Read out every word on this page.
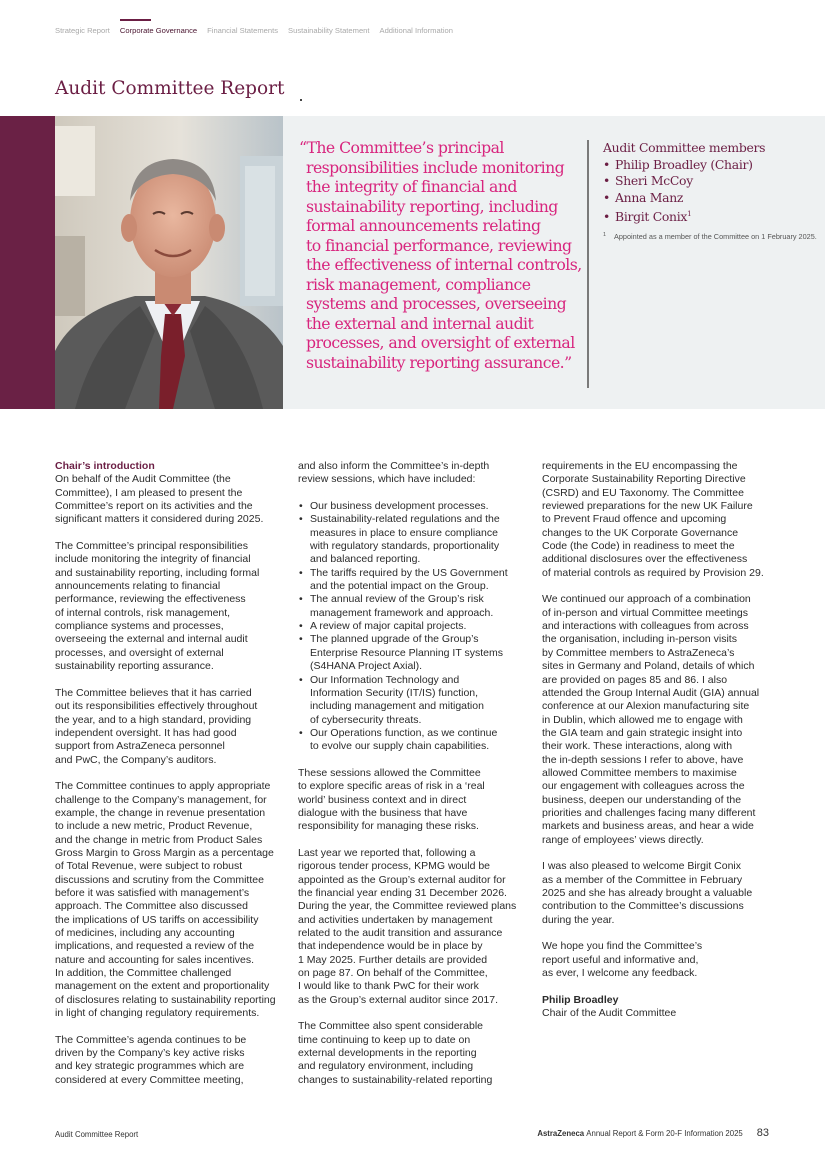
Strategic Report Corporate Governance Financial Statements Sustainability Statement Additional Information
Audit Committee Report
“The Committee’s principal
responsibilities include monitoring
the integrity of financial and
sustainability reporting, including
formal announcements relating
to financial performance, reviewing
the effectiveness of internal controls,
risk management, compliance
systems and processes, overseeing
the external and internal audit
processes, and oversight of external
sustainability reporting assurance.”
Audit Committee members
• Philip Broadley (Chair)
• Sheri McCoy
• Anna Manz
• Birgit Conix$^1$
1 Appointed as a member of the Committee on 1 February 2025.
Chair’s introduction

On behalf of the Audit Committee (the
Committee), I am pleased to present the
Committee’s report on its activities and the
significant matters it considered during 2025.

The Committee’s principal responsibilities
include monitoring the integrity of financial
and sustainability reporting, including formal
announcements relating to financial
performance, reviewing the effectiveness
of internal controls, risk management,
compliance systems and processes,
overseeing the external and internal audit
processes, and oversight of external
sustainability reporting assurance.

The Committee believes that it has carried
out its responsibilities effectively throughout
the year, and to a high standard, providing
independent oversight. It has had good
support from AstraZeneca personnel
and PwC, the Company’s auditors.

The Committee continues to apply appropriate
challenge to the Company’s management, for
example, the change in revenue presentation
to include a new metric, Product Revenue,
and the change in metric from Product Sales
Gross Margin to Gross Margin as a percentage
of Total Revenue, were subject to robust
discussions and scrutiny from the Committee
before it was satisfied with management’s
approach. The Committee also discussed
the implications of US tariffs on accessibility
of medicines, including any accounting
implications, and requested a review of the
nature and accounting for sales incentives.
In addition, the Committee challenged
management on the extent and proportionality
of disclosures relating to sustainability reporting
in light of changing regulatory requirements.

The Committee’s agenda continues to be
driven by the Company’s key active risks
and key strategic programmes which are
considered at every Committee meeting,

and also inform the Committee’s in-depth
review sessions, which have included:

• Our business development processes.
• Sustainability-related regulations and the
measures in place to ensure compliance
with regulatory standards, proportionality
and balanced reporting.
• The tariffs required by the US Government
and the potential impact on the Group.
• The annual review of the Group’s risk
management framework and approach.
• A review of major capital projects.
• The planned upgrade of the Group’s
Enterprise Resource Planning IT systems
(S4HANA Project Axial).
• Our Information Technology and
Information Security (IT/IS) function,
including management and mitigation
of cybersecurity threats.
• Our Operations function, as we continue
to evolve our supply chain capabilities.

These sessions allowed the Committee
to explore specific areas of risk in a ‘real
world’ business context and in direct
dialogue with the business that have
responsibility for managing these risks.

Last year we reported that, following a
rigorous tender process, KPMG would be
appointed as the Group’s external auditor for
the financial year ending 31 December 2026.
During the year, the Committee reviewed plans
and activities undertaken by management
related to the audit transition and assurance
that independence would be in place by
1 May 2025. Further details are provided
on page 87. On behalf of the Committee,
I would like to thank PwC for their work
as the Group’s external auditor since 2017.

The Committee also spent considerable
time continuing to keep up to date on
external developments in the reporting
and regulatory environment, including
changes to sustainability-related reporting

requirements in the EU encompassing the
Corporate Sustainability Reporting Directive
(CSRD) and EU Taxonomy. The Committee
reviewed preparations for the new UK Failure
to Prevent Fraud offence and upcoming
changes to the UK Corporate Governance
Code (the Code) in readiness to meet the
additional disclosures over the effectiveness
of material controls as required by Provision 29.

We continued our approach of a combination
of in-person and virtual Committee meetings
and interactions with colleagues from across
the organisation, including in-person visits
by Committee members to AstraZeneca’s
sites in Germany and Poland, details of which
are provided on pages 85 and 86. I also
attended the Group Internal Audit (GIA) annual
conference at our Alexion manufacturing site
in Dublin, which allowed me to engage with
the GIA team and gain strategic insight into
their work. These interactions, along with
the in-depth sessions I refer to above, have
allowed Committee members to maximise
our engagement with colleagues across the
business, deepen our understanding of the
priorities and challenges facing many different
markets and business areas, and hear a wide
range of employees’ views directly.

I was also pleased to welcome Birgit Conix
as a member of the Committee in February
2025 and she has already brought a valuable
contribution to the Committee’s discussions
during the year.

We hope you find the Committee’s
report useful and informative and,
as ever, I welcome any feedback.

Philip Broadley
Chair of the Audit Committee
Audit Committee Report	AstraZeneca
Annual Report & Form 20-F Information 2025 83
